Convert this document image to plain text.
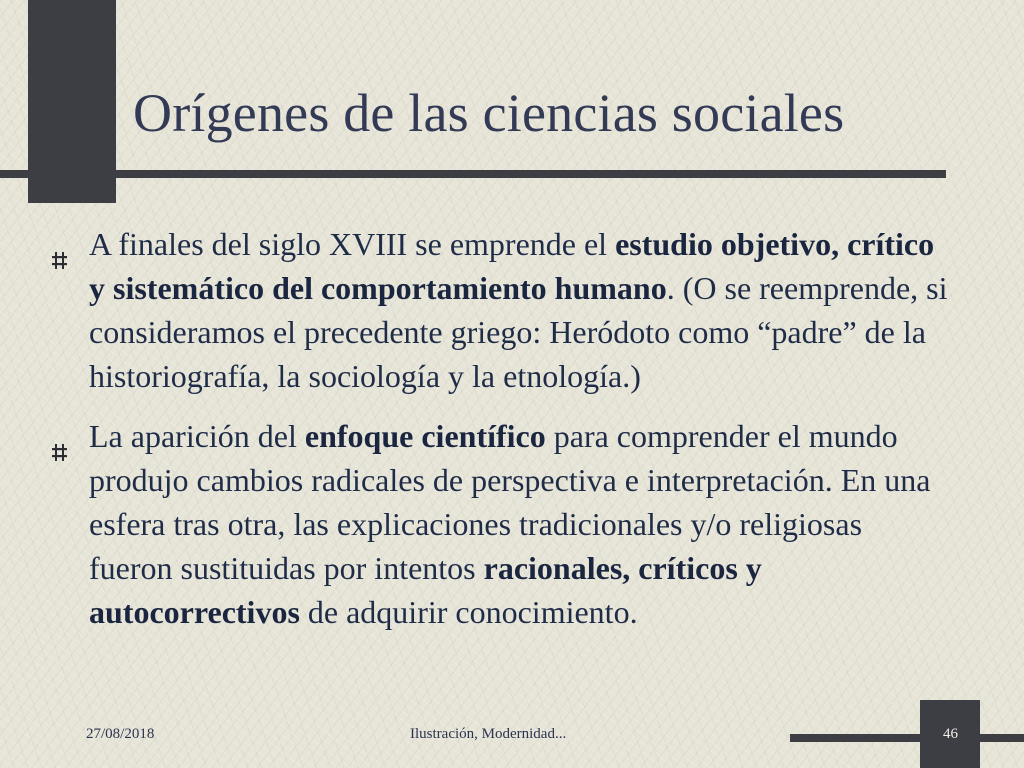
Orígenes de las ciencias sociales
A finales del siglo XVIII se emprende el estudio objetivo, crítico y sistemático del comportamiento humano. (O se reemprende, si consideramos el precedente griego: Heródoto como “padre” de la historiografía, la sociología y la etnología.)
La aparición del enfoque científico para comprender el mundo produjo cambios radicales de perspectiva e interpretación. En una esfera tras otra, las explicaciones tradicionales y/o religiosas fueron sustituidas por intentos racionales, críticos y autocorrectivos de adquirir conocimiento.
27/08/2018	Ilustración, Modernidad...	46
